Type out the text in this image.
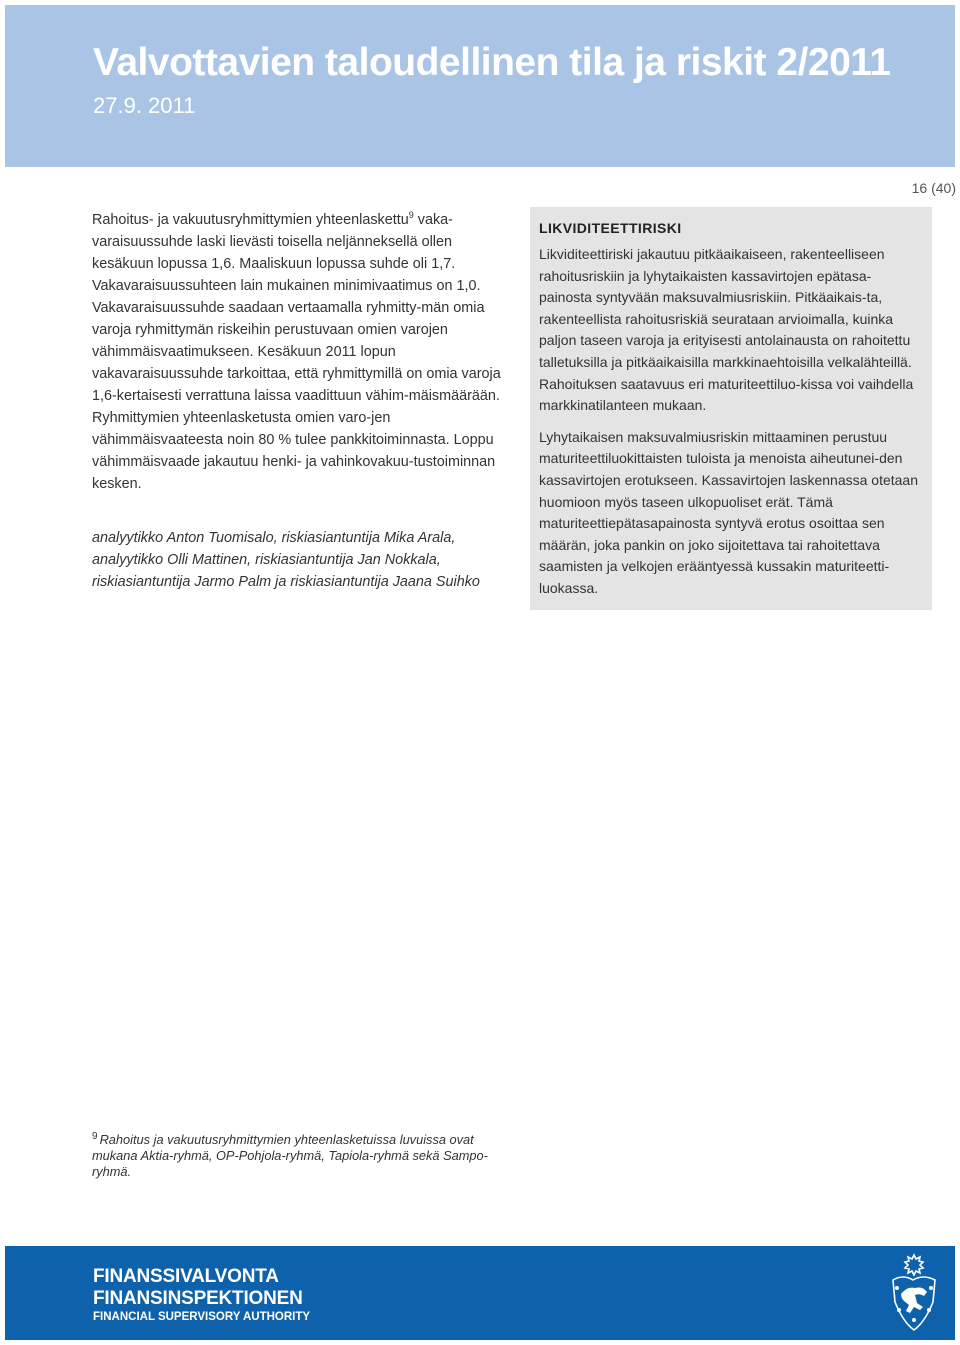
Valvottavien taloudellinen tila ja riskit 2/2011
27.9. 2011
16 (40)

Rahoitus- ja vakuutusryhmittymien yhteenlaskettu$^9$ vaka-varaisuussuhde laski lievästi toisella neljänneksellä ollen kesäkuun lopussa 1,6. Maaliskuun lopussa suhde oli 1,7. Vakavaraisuussuhteen lain mukainen minimivaatimus on 1,0. Vakavaraisuussuhde saadaan vertaamalla ryhmitty-män omia varoja ryhmittymän riskeihin perustuvaan omien varojen vähimmäisvaatimukseen. Kesäkuun 2011 lopun vakavaraisuussuhde tarkoittaa, että ryhmittymillä on omia varoja 1,6-kertaisesti verrattuna laissa vaadittuun vähim-mäismäärään. Ryhmittymien yhteenlasketusta omien varo-jen vähimmäisvaateesta noin 80 % tulee pankkitoiminnasta. Loppu vähimmäisvaade jakautuu henki- ja vahinkovakuu-tustoiminnan kesken.

analyytikko Anton Tuomisalo, riskiasiantuntija Mika Arala,
analyytikko Olli Mattinen, riskiasiantuntija Jan Nokkala,
riskiasiantuntija Jarmo Palm ja riskiasiantuntija Jaana Suihko
LIKVIDITEETTIRISKI

Likviditeettiriski jakautuu pitkäaikaiseen, rakenteelliseen rahoitusriskiin ja lyhytaikaisten kassavirtojen epätasa-painosta syntyvään maksuvalmiusriskiin. Pitkäaikais-ta, rakenteellista rahoitusriskiä seurataan arvioimalla, kuinka paljon taseen varoja ja erityisesti antolainausta on rahoitettu talletuksilla ja pitkäaikaisilla markkinaehtoisilla velkalähteillä. Rahoituksen saatavuus eri maturiteettiluo-kissa voi vaihdella markkinatilanteen mukaan.

Lyhytaikaisen maksuvalmiusriskin mittaaminen perustuu maturiteettiluokittaisten tuloista ja menoista aiheutunei-den kassavirtojen erotukseen. Kassavirtojen laskennassa otetaan huomioon myös taseen ulkopuoliset erät. Tämä maturiteettiepätasapainosta syntyvä erotus osoittaa sen määrän, joka pankin on joko sijoitettava tai rahoitettava saamisten ja velkojen erääntyessä kussakin maturiteetti-luokassa.

$^9$ Rahoitus ja vakuutusryhmittymien yhteenlasketuissa luvuissa ovat mukana Aktia-ryhmä, OP-Pohjola-ryhmä, Tapiola-ryhmä sekä Sampo-ryhmä.
FINANSSIVALVONTA
FINANSINSPEKTIONEN
FINANCIAL SUPERVISORY AUTHORITY
